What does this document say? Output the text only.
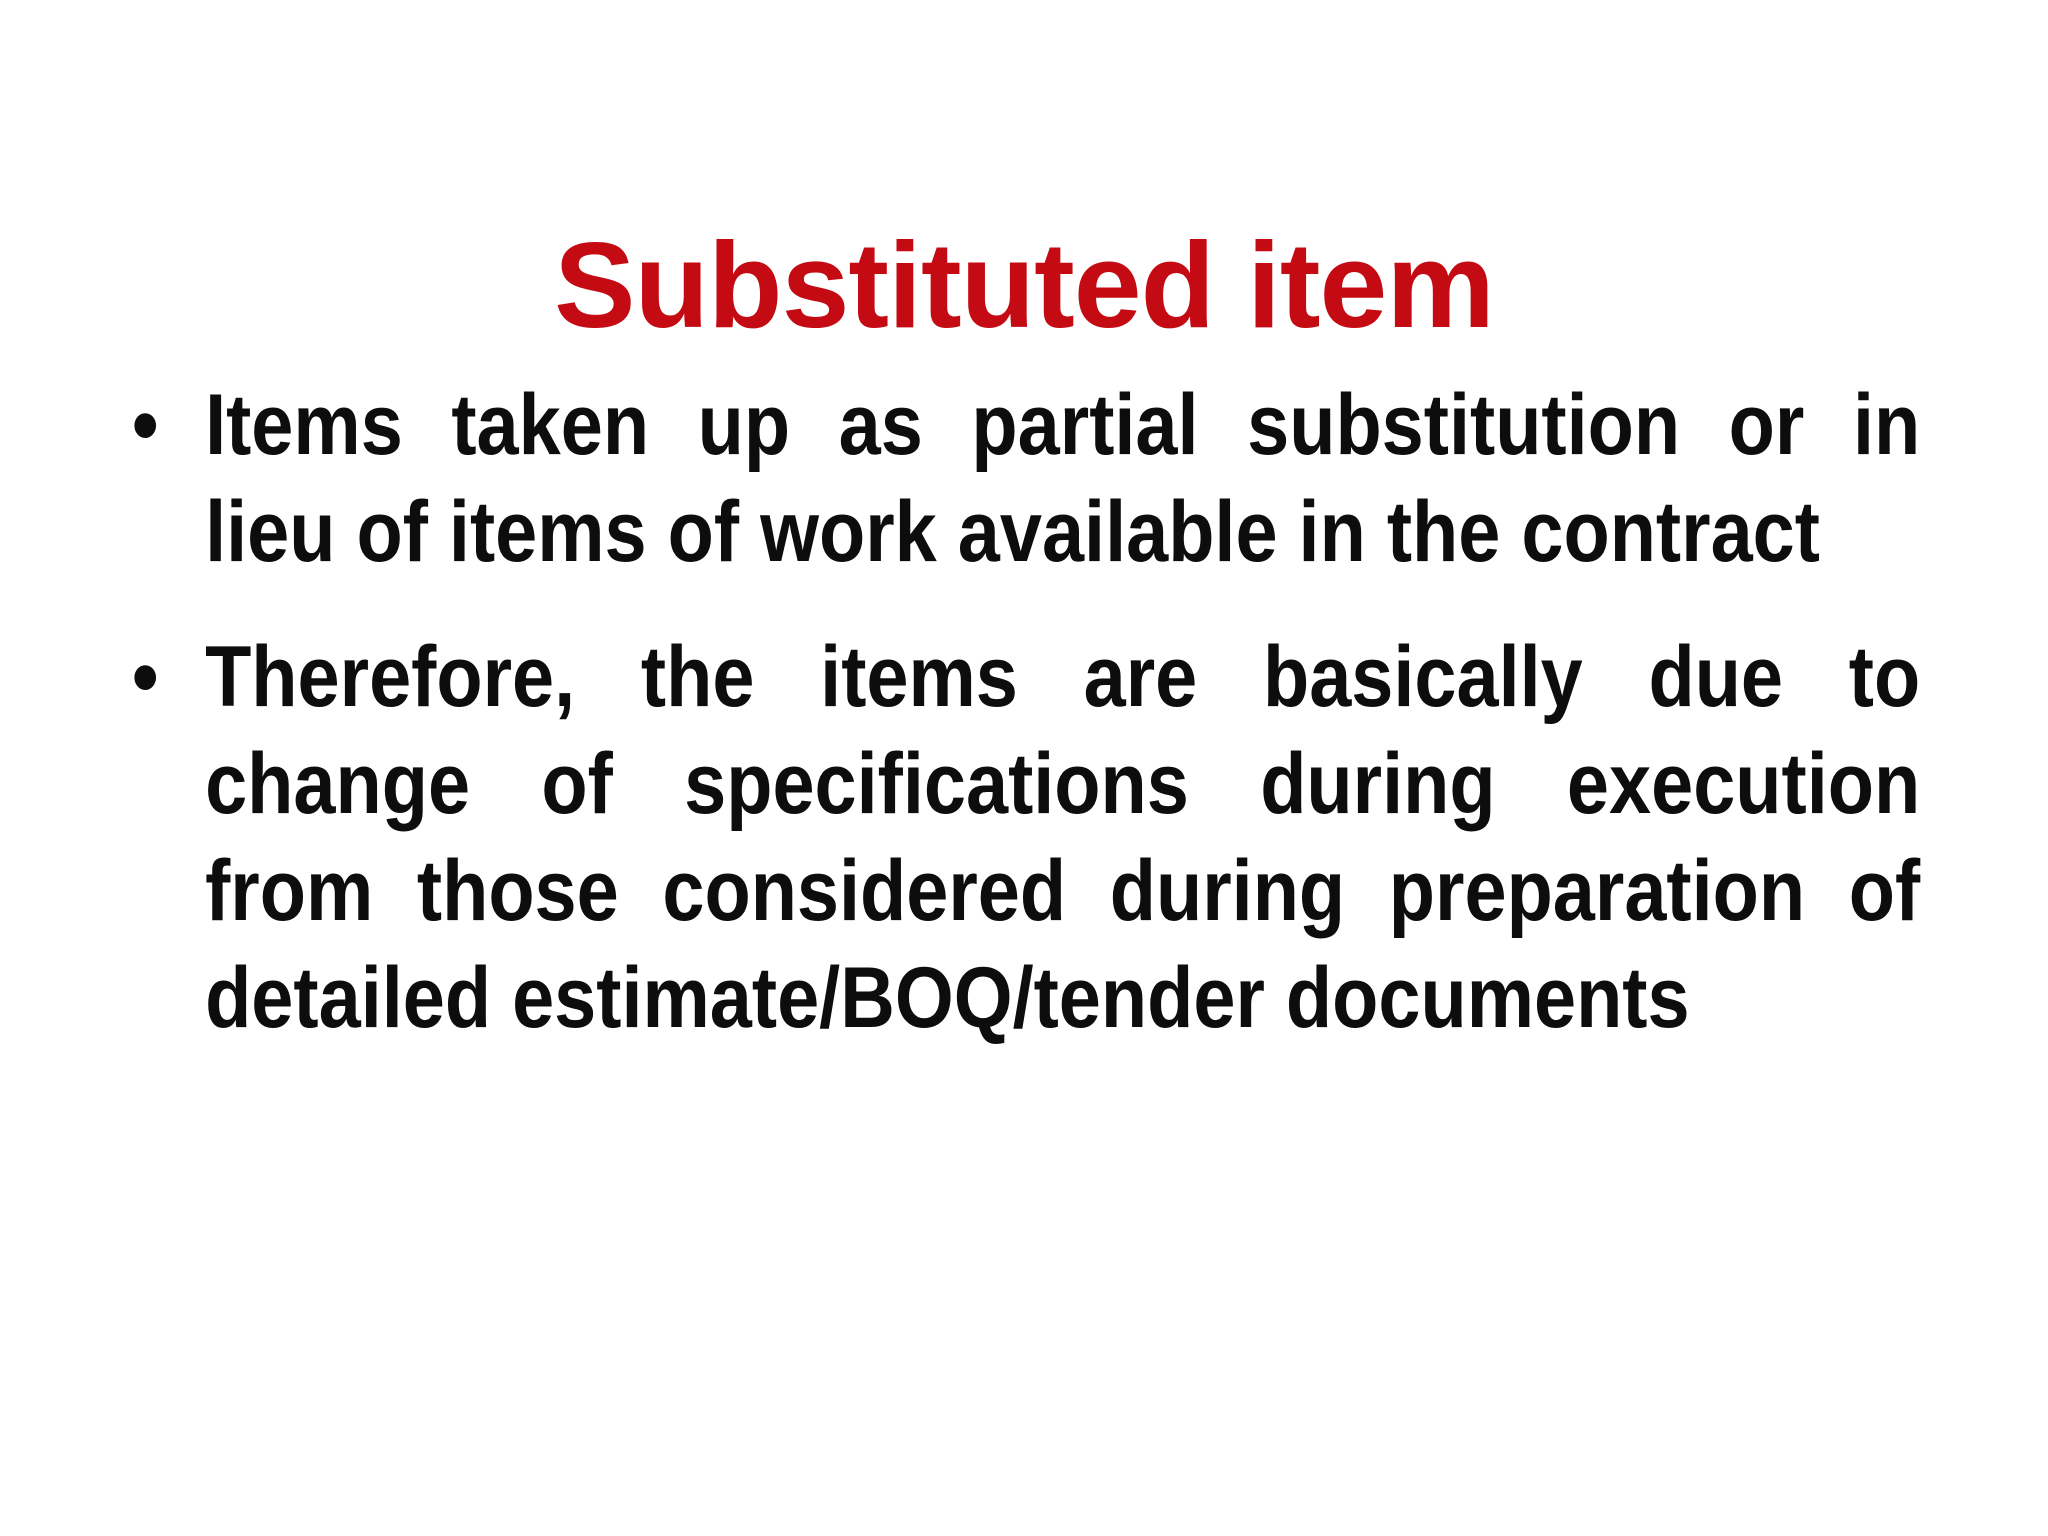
Substituted item
• Items taken up as partial substitution or in
lieu of items of work available in the contract
• Therefore, the items are basically due to
change of specifications during execution
from those considered during preparation of
detailed estimate/BOQ/tender documents
